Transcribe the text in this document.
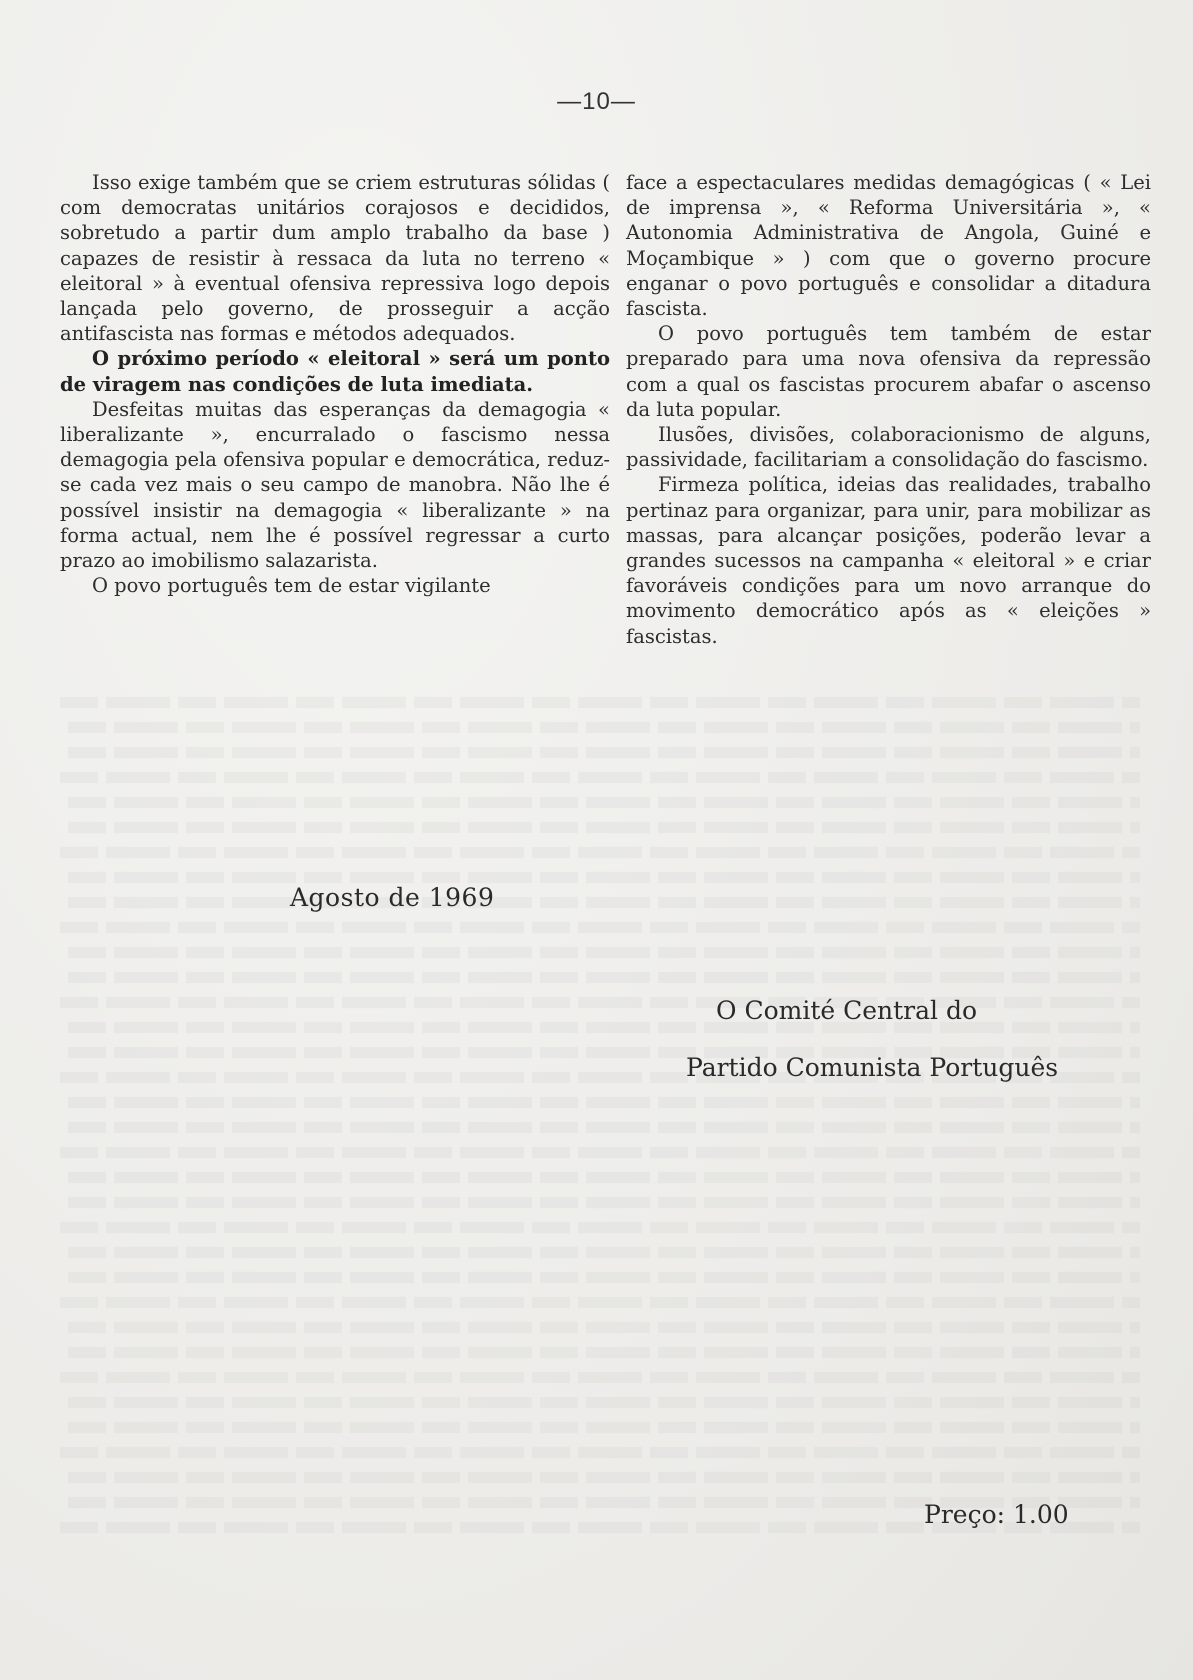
—10—

Isso exige também que se criem estruturas sólidas ( com democratas unitários corajosos e decididos, sobretudo a partir dum amplo trabalho da base ) capazes de resistir à ressaca da luta no terreno « eleitoral » à eventual ofensiva repressiva logo depois lançada pelo governo, de prosseguir a acção antifascista nas formas e métodos adequados.

O próximo período « eleitoral » será um ponto de viragem nas condições de luta imediata.

Desfeitas muitas das esperanças da demagogia « liberalizante », encurralado o fascismo nessa demagogia pela ofensiva popular e democrática, reduz-se cada vez mais o seu campo de manobra. Não lhe é possível insistir na demagogia « liberalizante » na forma actual, nem lhe é possível regressar a curto prazo ao imobilismo salazarista.

O povo português tem de estar vigilante

face a espectaculares medidas demagógicas ( « Lei de imprensa », « Reforma Universitária », « Autonomia Administrativa de Angola, Guiné e Moçambique » ) com que o governo procure enganar o povo português e consolidar a ditadura fascista.

O povo português tem também de estar preparado para uma nova ofensiva da repressão com a qual os fascistas procurem abafar o ascenso da luta popular.

Ilusões, divisões, colaboracionismo de alguns, passividade, facilitariam a consolidação do fascismo.

Firmeza política, ideias das realidades, trabalho pertinaz para organizar, para unir, para mobilizar as massas, para alcançar posições, poderão levar a grandes sucessos na campanha « eleitoral » e criar favoráveis condições para um novo arranque do movimento democrático após as « eleições » fascistas.

Agosto de 1969
O Comité Central do
Partido Comunista Português
Preço: 1.00
